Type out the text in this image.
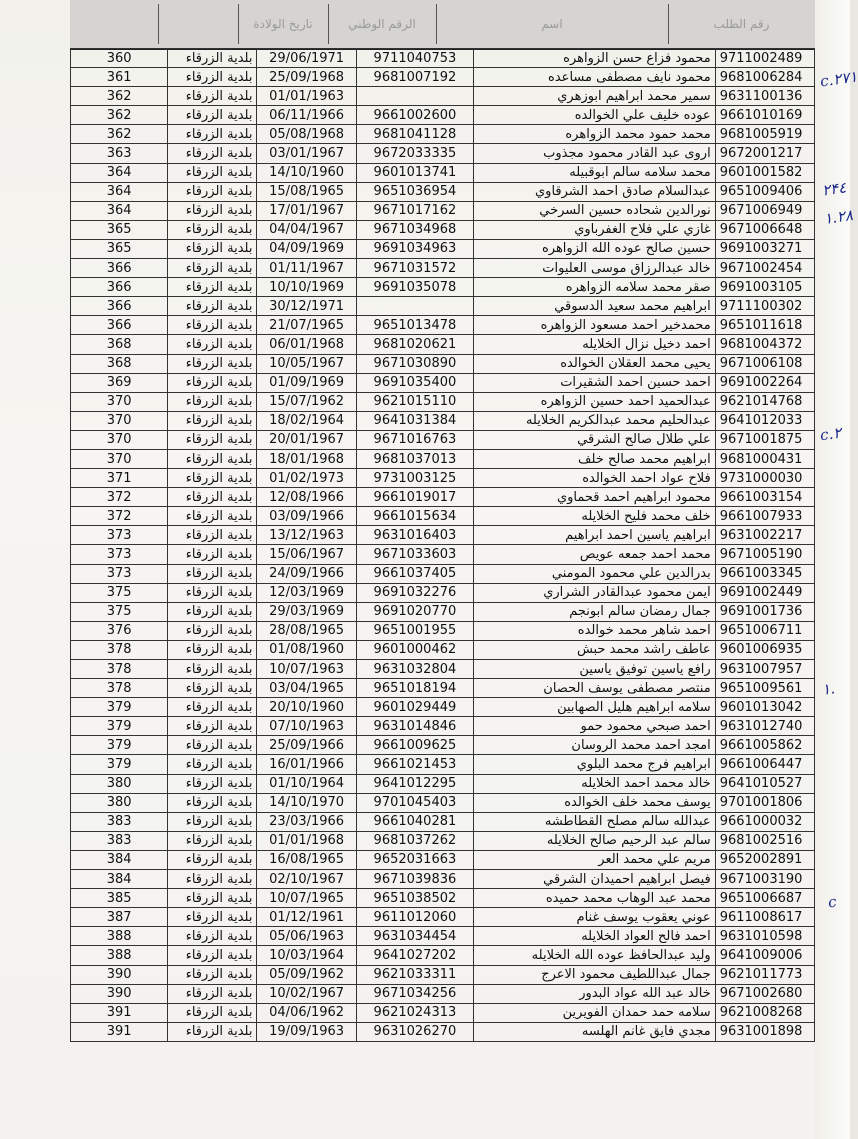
تاريخ الولادة	الرقم الوطني	اسم	رقم الطلب
360	بلدية الزرقاء	29/06/1971	9711040753	محمود فزاع حسن الزواهره	9711002489
361	بلدية الزرقاء	25/09/1968	9681007192	محمود نايف مصطفى مساعده	9681006284
362	بلدية الزرقاء	01/01/1963		سمير محمد ابراهيم ابوزهري	9631100136
362	بلدية الزرقاء	06/11/1966	9661002600	عوده خليف علي الخوالده	9661010169
362	بلدية الزرقاء	05/08/1968	9681041128	محمد حمود محمد الزواهره	9681005919
363	بلدية الزرقاء	03/01/1967	9672033335	اروى عبد القادر محمود مجذوب	9672001217
364	بلدية الزرقاء	14/10/1960	9601013741	محمد سلامه سالم ابوقبيله	9601001582
364	بلدية الزرقاء	15/08/1965	9651036954	عبدالسلام صادق احمد الشرقاوي	9651009406
364	بلدية الزرقاء	17/01/1967	9671017162	نورالدين شحاده حسين السرخي	9671006949
365	بلدية الزرقاء	04/04/1967	9671034968	غازي علي فلاح الغفرباوي	9671006648
365	بلدية الزرقاء	04/09/1969	9691034963	حسين صالح عوده الله الزواهره	9691003271
366	بلدية الزرقاء	01/11/1967	9671031572	خالد عبدالرزاق موسى العليوات	9671002454
366	بلدية الزرقاء	10/10/1969	9691035078	صقر محمد سلامه الزواهره	9691003105
366	بلدية الزرقاء	30/12/1971		ابراهيم محمد سعيد الدسوقي	9711100302
366	بلدية الزرقاء	21/07/1965	9651013478	محمدخير احمد مسعود الزواهره	9651011618
368	بلدية الزرقاء	06/01/1968	9681020621	احمد دخيل نزال الخلايله	9681004372
368	بلدية الزرقاء	10/05/1967	9671030890	يحيى محمد العقلان الخوالده	9671006108
369	بلدية الزرقاء	01/09/1969	9691035400	احمد حسين احمد الشقيرات	9691002264
370	بلدية الزرقاء	15/07/1962	9621015110	عبدالحميد احمد حسين الزواهره	9621014768
370	بلدية الزرقاء	18/02/1964	9641031384	عبدالحليم محمد عبدالكريم الخلايله	9641012033
370	بلدية الزرقاء	20/01/1967	9671016763	علي طلال صالح الشرقي	9671001875
370	بلدية الزرقاء	18/01/1968	9681037013	ابراهيم محمد صالح خلف	9681000431
371	بلدية الزرقاء	01/02/1973	9731003125	فلاح عواد احمد الخوالده	9731000030
372	بلدية الزرقاء	12/08/1966	9661019017	محمود ابراهيم احمد قحماوي	9661003154
372	بلدية الزرقاء	03/09/1966	9661015634	خلف محمد فليح الخلايله	9661007933
373	بلدية الزرقاء	13/12/1963	9631016403	ابراهيم ياسين احمد ابراهيم	9631002217
373	بلدية الزرقاء	15/06/1967	9671033603	محمد احمد جمعه عويص	9671005190
373	بلدية الزرقاء	24/09/1966	9661037405	بدرالدين علي محمود المومني	9661003345
375	بلدية الزرقاء	12/03/1969	9691032276	ايمن محمود عبدالقادر الشراري	9691002449
375	بلدية الزرقاء	29/03/1969	9691020770	جمال رمضان سالم ابونجم	9691001736
376	بلدية الزرقاء	28/08/1965	9651001955	احمد شاهر محمد خوالده	9651006711
378	بلدية الزرقاء	01/08/1960	9601000462	عاطف راشد محمد حبش	9601006935
378	بلدية الزرقاء	10/07/1963	9631032804	رافع ياسين توفيق ياسين	9631007957
378	بلدية الزرقاء	03/04/1965	9651018194	منتصر مصطفى يوسف الحصان	9651009561
379	بلدية الزرقاء	20/10/1960	9601029449	سلامه ابراهيم هليل الصهابين	9601013042
379	بلدية الزرقاء	07/10/1963	9631014846	احمد صبحي محمود حمو	9631012740
379	بلدية الزرقاء	25/09/1966	9661009625	امجد احمد محمد الروسان	9661005862
379	بلدية الزرقاء	16/01/1966	9661021453	ابراهيم فرج محمد البلوي	9661006447
380	بلدية الزرقاء	01/10/1964	9641012295	خالد محمد احمد الخلايله	9641010527
380	بلدية الزرقاء	14/10/1970	9701045403	يوسف محمد خلف الخوالده	9701001806
383	بلدية الزرقاء	23/03/1966	9661040281	عبدالله سالم مصلح القطاطشه	9661000032
383	بلدية الزرقاء	01/01/1968	9681037262	سالم عبد الرحيم صالح الخلايله	9681002516
384	بلدية الزرقاء	16/08/1965	9652031663	مريم علي محمد العر	9652002891
384	بلدية الزرقاء	02/10/1967	9671039836	فيصل ابراهيم احميدان الشرقي	9671003190
385	بلدية الزرقاء	10/07/1965	9651038502	محمد عبد الوهاب محمد حميده	9651006687
387	بلدية الزرقاء	01/12/1961	9611012060	عوني يعقوب يوسف غنام	9611008617
388	بلدية الزرقاء	05/06/1963	9631034454	احمد فالح العواد الخلايله	9631010598
388	بلدية الزرقاء	10/03/1964	9641027202	وليد عبدالحافظ عوده الله الخلايله	9641009006
390	بلدية الزرقاء	05/09/1962	9621033311	جمال عبداللطيف محمود الاعرج	9621011773
390	بلدية الزرقاء	10/02/1967	9671034256	خالد عبد الله عواد البدور	9671002680
391	بلدية الزرقاء	04/06/1962	9621024313	سلامه حمد حمدان الفويرين	9621008268
391	بلدية الزرقاء	19/09/1963	9631026270	مجدي فايق غانم الهلسه	9631001898
c.۲۷۱
۲۴٤
١.٢٨
c.۲
١.
c
